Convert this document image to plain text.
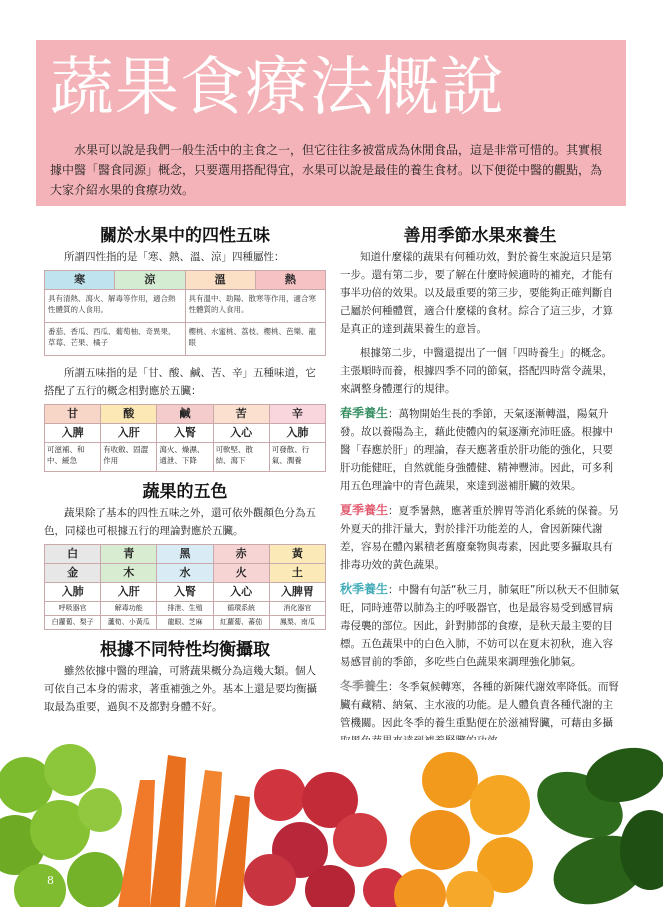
蔬果食療法概說

水果可以說是我們一般生活中的主食之一，但它往往多被當成為休閒食品，這是非常可惜的。其實根據中醫「醫食同源」概念，只要選用搭配得宜，水果可以說是最佳的養生食材。以下便從中醫的觀點，為大家介紹水果的食療功效。

關於水果中的四性五味

所謂四性指的是「寒、熱、溫、涼」四種屬性：

寒	涼	溫	熱
具有清熱、瀉火、解毒等作用，適合熱性體質的人食用。		具有溫中、助陽、散寒等作用，適合寒性體質的人食用。	
番茄、香瓜、西瓜、葡萄柚、奇異果、草莓、芒果、橘子		櫻桃、水蜜桃、荔枝、櫻桃、芭樂、龍眼	

所謂五味指的是「甘、酸、鹹、苦、辛」五種味道，它搭配了五行的概念相對應於五臟：

甘	酸	鹹	苦	辛
入脾	入肝	入腎	入心	入肺
可滋補、和中、緩急	有收斂、固澀作用	瀉火、燥濕、通泄、下降	可軟堅、散結、瀉下	可發散、行氣、潤養
蔬果的五色

蔬果除了基本的四性五味之外，還可依外觀顏色分為五色，同樣也可根據五行的理論對應於五臟。

白	青	黑	赤	黃
金	木	水	火	土
入肺	入肝	入腎	入心	入脾胃
呼吸器官	解毒功能	排泄、生殖	循環系統	消化器官
白蘿蔔、梨子	蘆筍、小黃瓜	龍眼、芝麻	紅蘿蔔、蕃茄	鳳梨、南瓜
根據不同特性均衡攝取

雖然依據中醫的理論，可將蔬果概分為這幾大類。個人可依自己本身的需求，著重補強之外。基本上還是要均衡攝取最為重要，過與不及都對身體不好。

善用季節水果來養生

知道什麼樣的蔬果有何種功效，對於養生來說這只是第一步。還有第二步，要了解在什麼時候適時的補充，才能有事半功倍的效果。以及最重要的第三步，要能夠正確判斷自己屬於何種體質，適合什麼樣的食材。綜合了這三步，才算是真正的達到蔬果養生的意旨。

根據第二步，中醫還提出了一個「四時養生」的概念。主張順時而養，根據四季不同的節氣，搭配四時當令蔬果，來調整身體運行的規律。

春季養生：萬物開始生長的季節，天氣逐漸轉溫，陽氣升發。故以養陽為主，藉此使體內的氣逐漸充沛旺盛。根據中醫「春應於肝」的理論，春天應著重於肝功能的強化，只要肝功能健旺，自然就能身強體健、精神豐沛。因此，可多利用五色理論中的青色蔬果，來達到滋補肝臟的效果。

夏季養生：夏季暑熱，應著重於脾胃等消化系統的保養。另外夏天的排汗量大，對於排汗功能差的人，會因新陳代謝差，容易在體內累積老舊廢棄物與毒素，因此要多攝取具有排毒功效的黃色蔬果。

秋季養生：中醫有句話“秋三月，肺氣旺”所以秋天不但肺氣旺，同時連帶以肺為主的呼吸器官，也是最容易受到感冒病毒侵襲的部位。因此，針對肺部的食療，是秋天最主要的目標。五色蔬果中的白色入肺，不妨可以在夏末初秋，進入容易感冒前的季節，多吃些白色蔬果來調理強化肺氣。

冬季養生：冬季氣候轉寒，各種的新陳代謝效率降低。而腎臟有藏精、納氣、主水液的功能。是人體負責各種代謝的主管機關。因此冬季的養生重點便在於滋補腎臟，可藉由多攝

8
